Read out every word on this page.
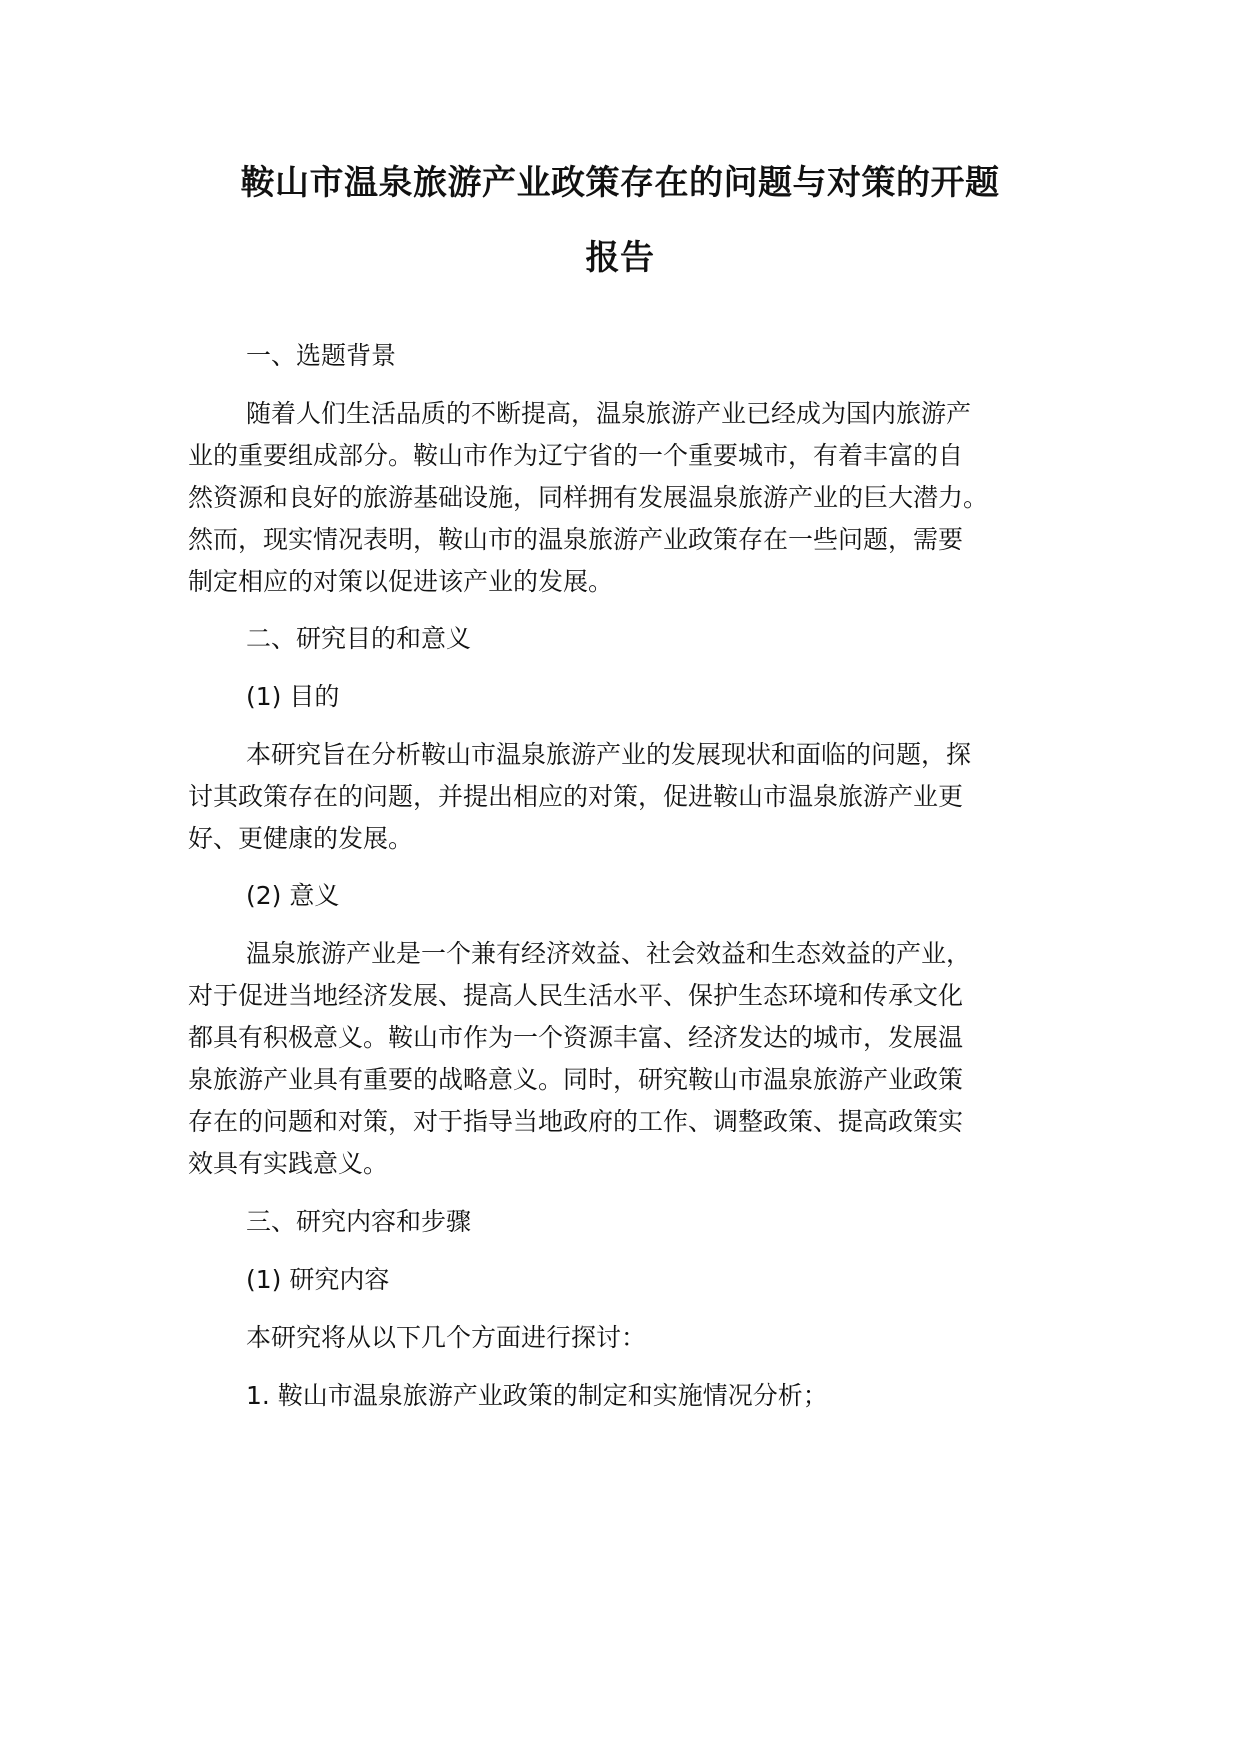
鞍山市温泉旅游产业政策存在的问题与对策的开题
报告

一、选题背景

随着人们生活品质的不断提高，温泉旅游产业已经成为国内旅游产

业的重要组成部分。鞍山市作为辽宁省的一个重要城市，有着丰富的自

然资源和良好的旅游基础设施，同样拥有发展温泉旅游产业的巨大潜力。

然而，现实情况表明，鞍山市的温泉旅游产业政策存在一些问题，需要

制定相应的对策以促进该产业的发展。

二、研究目的和意义

(1) 目的

本研究旨在分析鞍山市温泉旅游产业的发展现状和面临的问题，探

讨其政策存在的问题，并提出相应的对策，促进鞍山市温泉旅游产业更

好、更健康的发展。

(2) 意义

温泉旅游产业是一个兼有经济效益、社会效益和生态效益的产业，

对于促进当地经济发展、提高人民生活水平、保护生态环境和传承文化

都具有积极意义。鞍山市作为一个资源丰富、经济发达的城市，发展温

泉旅游产业具有重要的战略意义。同时，研究鞍山市温泉旅游产业政策

存在的问题和对策，对于指导当地政府的工作、调整政策、提高政策实

效具有实践意义。

三、研究内容和步骤

(1) 研究内容

本研究将从以下几个方面进行探讨：

1. 鞍山市温泉旅游产业政策的制定和实施情况分析；
